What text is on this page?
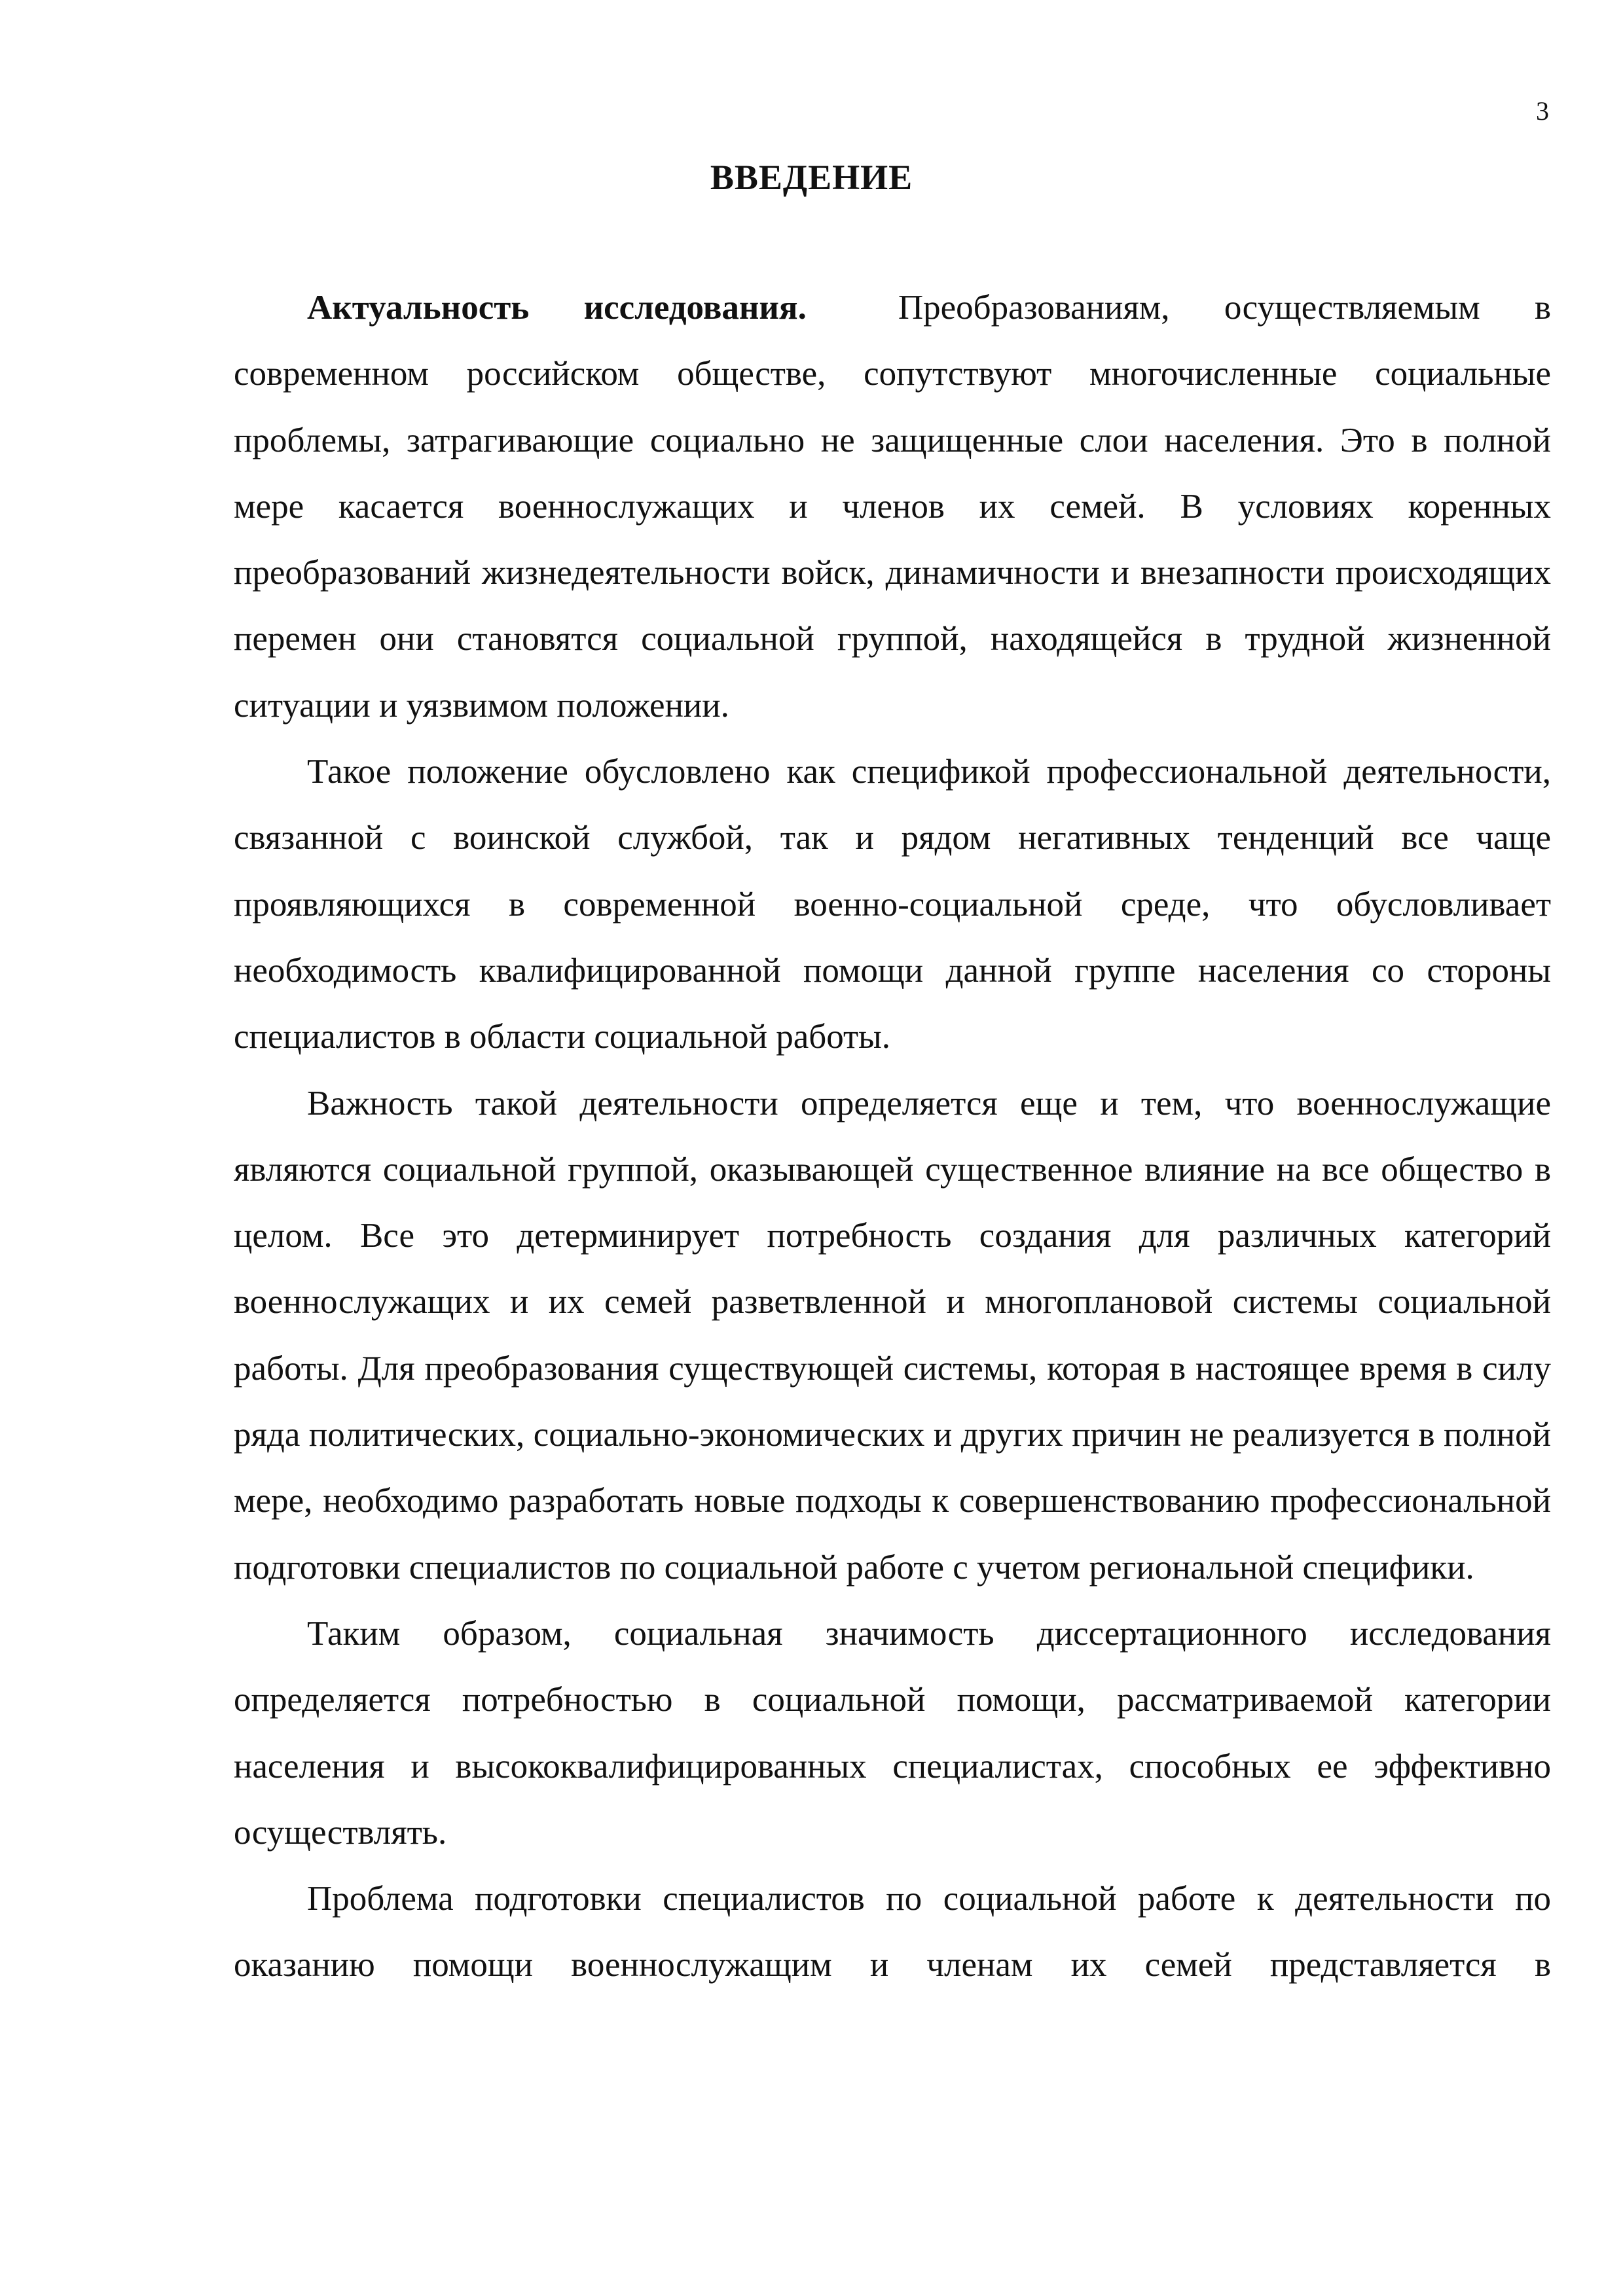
3
ВВЕДЕНИЕ

Актуальность исследования.	Преобразованиям, осуществляемым в современном российском обществе, сопутствуют многочисленные социальные проблемы, затрагивающие социально не защищенные слои населения. Это в полной мере касается военнослужащих и членов их семей. В условиях коренных преобразований жизнедеятельности войск, динамичности и внезапности происходящих перемен они становятся социальной группой, находящейся в трудной жизненной ситуации и уязвимом положении.

Такое положение обусловлено как спецификой профессиональной деятельности, связанной с воинской службой, так и рядом негативных тенденций все чаще проявляющихся в современной военно-социальной среде, что обусловливает необходимость квалифицированной помощи данной группе населения со стороны специалистов в области социальной работы.

Важность такой деятельности определяется еще и тем, что военнослужащие являются социальной группой, оказывающей существенное влияние на все общество в целом. Все это детерминирует потребность создания для различных категорий военнослужащих и их семей разветвленной и многоплановой системы социальной работы. Для преобразования существующей системы, которая в настоящее время в силу ряда политических, социально-экономических и других причин не реализуется в полной мере, необходимо разработать новые подходы к совершенствованию профессиональной подготовки специалистов по социальной работе с учетом региональной специфики.

Таким образом, социальная значимость диссертационного исследования определяется потребностью в социальной помощи, рассматриваемой категории населения и высококвалифицированных специалистах, способных ее эффективно осуществлять.

Проблема подготовки специалистов по социальной работе к деятельности по оказанию помощи военнослужащим и членам их семей представляется в
